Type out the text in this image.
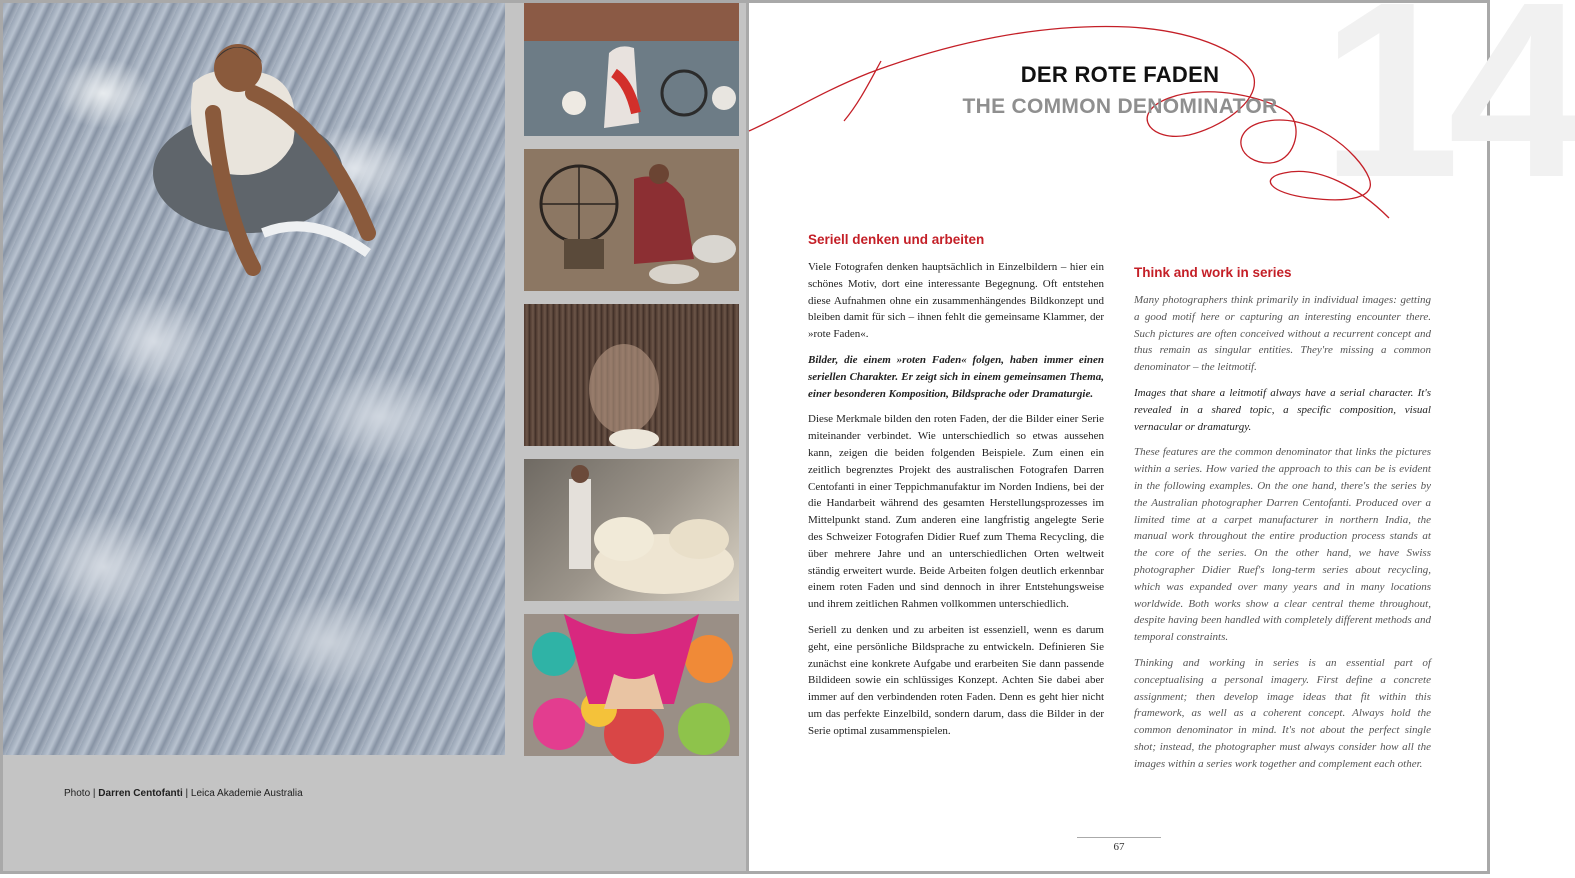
Photo | Darren Centofanti | Leica Akademie Australia
14
DER ROTE FADEN
THE COMMON DENOMINATOR
Seriell denken und arbeiten

Viele Fotografen denken hauptsächlich in Einzelbildern – hier ein schönes Motiv, dort eine interessante Begegnung. Oft entstehen diese Aufnahmen ohne ein zusammenhängendes Bildkonzept und bleiben damit für sich – ihnen fehlt die gemeinsame Klammer, der »rote Faden«.

Bilder, die einem »roten Faden« folgen, haben immer einen seriellen Charakter. Er zeigt sich in einem gemeinsamen Thema, einer besonderen Komposition, Bildsprache oder Dramaturgie.

Diese Merkmale bilden den roten Faden, der die Bilder einer Serie miteinander verbindet. Wie unterschiedlich so etwas aussehen kann, zeigen die beiden folgenden Beispiele. Zum einen ein zeitlich begrenztes Projekt des australischen Fotografen Darren Centofanti in einer Teppichmanufaktur im Norden Indiens, bei der die Handarbeit während des gesamten Herstellungsprozesses im Mittelpunkt stand. Zum anderen eine langfristig angelegte Serie des Schweizer Fotografen Didier Ruef zum Thema Recycling, die über mehrere Jahre und an unterschiedlichen Orten weltweit ständig erweitert wurde. Beide Arbeiten folgen deutlich erkennbar einem roten Faden und sind dennoch in ihrer Entstehungsweise und ihrem zeitlichen Rahmen vollkommen unterschiedlich.

Seriell zu denken und zu arbeiten ist essenziell, wenn es darum geht, eine persönliche Bildsprache zu entwickeln. Definieren Sie zunächst eine konkrete Aufgabe und erarbeiten Sie dann passende Bildideen sowie ein schlüssiges Konzept. Achten Sie dabei aber immer auf den verbindenden roten Faden. Denn es geht hier nicht um das perfekte Einzelbild, sondern darum, dass die Bilder in der Serie optimal zusammenspielen.

Think and work in series

Many photographers think primarily in individual images: getting a good motif here or capturing an interesting encounter there. Such pictures are often conceived without a recurrent concept and thus remain as singular entities. They're missing a common denominator – the leitmotif.

Images that share a leitmotif always have a serial character. It's revealed in a shared topic, a specific composition, visual vernacular or dramaturgy.

These features are the common denominator that links the pictures within a series. How varied the approach to this can be is evident in the following examples. On the one hand, there's the series by the Australian photographer Darren Centofanti. Produced over a limited time at a carpet manufacturer in northern India, the manual work throughout the entire production process stands at the core of the series. On the other hand, we have Swiss photographer Didier Ruef's long-term series about recycling, which was expanded over many years and in many locations worldwide. Both works show a clear central theme throughout, despite having been handled with completely different methods and temporal constraints.

Thinking and working in series is an essential part of conceptualising a personal imagery. First define a concrete assignment; then develop image ideas that fit within this framework, as well as a coherent concept. Always hold the common denominator in mind. It's not about the perfect single shot; instead, the photographer must always consider how all the images within a series work together and complement each other.

67
